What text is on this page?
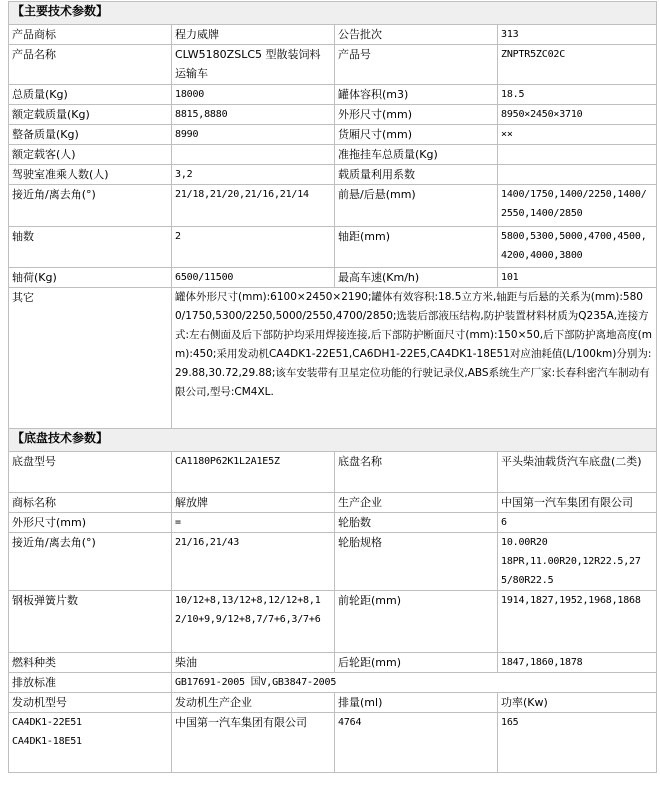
【主要技术参数】			
产品商标	程力威牌	公告批次	313
产品名称	CLW5180ZSLC5 型散装饲料运输车	产品号	ZNPTR5ZC02C
总质量(Kg)	18000	罐体容积(m3)	18.5
额定载质量(Kg)	8815,8880	外形尺寸(mm)	8950×2450×3710
整备质量(Kg)	8990	货厢尺寸(mm)	××
额定载客(人)		准拖挂车总质量(Kg)	
驾驶室准乘人数(人)	3,2	载质量利用系数	
接近角/离去角(°)	21/18,21/20,21/16,21/14	前悬/后悬(mm)	1400/1750,1400/2250,1400/2550,1400/2850
轴数	2	轴距(mm)	5800,5300,5000,4700,4500,4200,4000,3800
轴荷(Kg)	6500/11500	最高车速(Km/h)	101
其它	罐体外形尺寸(mm):6100×2450×2190;罐体有效容积:18.5立方米,轴距与后悬的关系为(mm):5800/1750,5300/2250,5000/2550,4700/2850;选装后部液压结构,防护装置材料材质为Q235A,连接方式:左右侧面及后下部防护均采用焊接连接,后下部防护断面尺寸(mm):150×50,后下部防护离地高度(mm):450;采用发动机CA4DK1-22E51,CA6DH1-22E5,CA4DK1-18E51对应油耗值(L/100km)分别为:29.88,30.72,29.88;该车安装带有卫星定位功能的行驶记录仪,ABS系统生产厂家:长春科密汽车制动有限公司,型号:CM4XL.		
【底盘技术参数】			
底盘型号	CA1180P62K1L2A1E5Z	底盘名称	平头柴油载货汽车底盘(二类)
商标名称	解放牌	生产企业	中国第一汽车集团有限公司
外形尺寸(mm)	=	轮胎数	6
接近角/离去角(°)	21/16,21/43	轮胎规格	10.00R20
18PR,11.00R20,12R22.5,275/80R22.5

钢板弹簧片数	10/12+8,13/12+8,12/12+8,12/10+9,9/12+8,7/7+6,3/7+6	前轮距(mm)	1914,1827,1952,1968,1868
燃料种类	柴油	后轮距(mm)	1847,1860,1878
排放标准	GB17691-2005 国V,GB3847-2005		
发动机型号	发动机生产企业	排量(ml)	功率(Kw)

CA4DK1-22E51
CA4DK1-18E51	中国第一汽车集团有限公司	4764	165
